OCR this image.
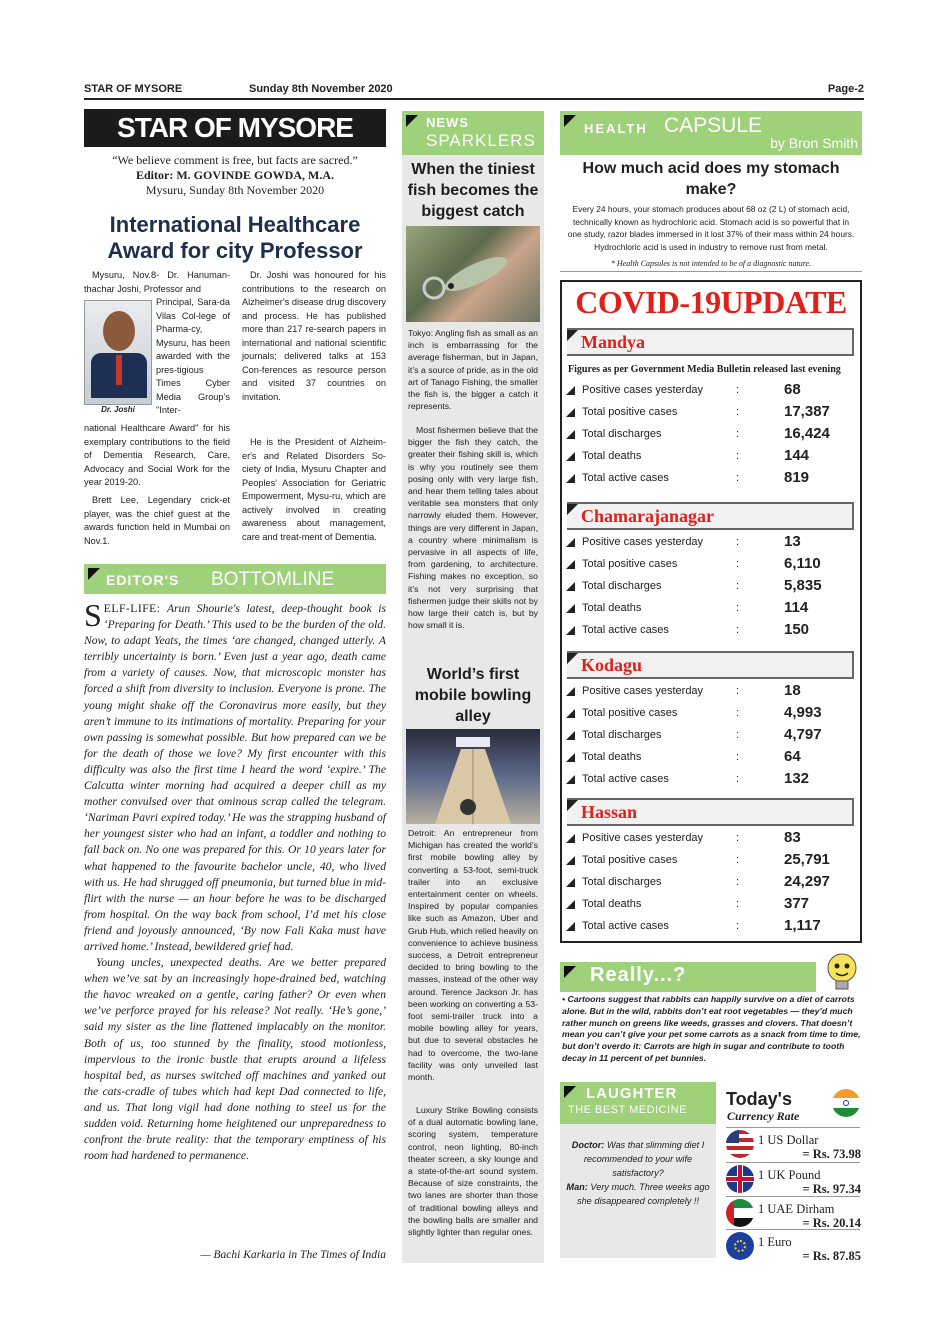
STAR OF MYSORE	Sunday 8th November 2020	Page-2
STAR OF MYSORE
“We believe comment is free, but facts are sacred.”
Editor: M. GOVINDE GOWDA, M.A.
Mysuru, Sunday 8th November 2020
International Healthcare
Award for city Professor
Mysuru, Nov.8- Dr. Hanuman-thachar Joshi, Professor and
Dr. Joshi
Principal, Sara-da Vilas Col-lege of Pharma-cy, Mysuru, has been awarded with the pres-tigious Times Cyber Media Group’s "Inter-
national Healthcare Award" for his exemplary contributions to the field of Dementia Research, Care, Advocacy and Social Work for the year 2019-20.
Brett Lee, Legendary crick-et player, was the chief guest at the awards function held in Mumbai on Nov.1.
Dr. Joshi was honoured for his contributions to the research on Alzheimer's disease drug discovery and process. He has published more than 217 re-search papers in international and national scientific journals; delivered talks at 153 Con-ferences as resource person and visited 37 countries on invitation.
He is the President of Alzheim-er's and Related Disorders So-ciety of India, Mysuru Chapter and Peoples' Association for Geriatric Empowerment, Mysu-ru, which are actively involved in creating awareness about management, care and treat-ment of Dementia.
EDITOR'S BOTTOMLINE

SELF-LIFE: Arun Shourie's latest, deep-thought book is ‘Preparing for Death.’ This used to be the burden of the old. Now, to adapt Yeats, the times ‘are changed, changed utterly. A terribly uncertainty is born.’ Even just a year ago, death came from a variety of causes. Now, that microscopic monster has forced a shift from diversity to inclusion. Everyone is prone. The young might shake off the Coronavirus more easily, but they aren’t immune to its intimations of mortality. Preparing for your own passing is somewhat possible. But how prepared can we be for the death of those we love? My first encounter with this difficulty was also the first time I heard the word ‘expire.’ The Calcutta winter morning had acquired a deeper chill as my mother convulsed over that ominous scrap called the telegram. ‘Nariman Pavri expired today.’ He was the strapping husband of her youngest sister who had an infant, a toddler and nothing to fall back on. No one was prepared for this. Or 10 years later for what happened to the favourite bachelor uncle, 40, who lived with us. He had shrugged off pneumonia, but turned blue in mid-flirt with the nurse — an hour before he was to be discharged from hospital. On the way back from school, I’d met his close friend and joyously announced, ‘By now Fali Kaka must have arrived home.’ Instead, bewildered grief had.

Young uncles, unexpected deaths. Are we better prepared when we’ve sat by an increasingly hope-drained bed, watching the havoc wreaked on a gentle, caring father? Or even when we’ve perforce prayed for his release? Not really. ‘He’s gone,’ said my sister as the line flattened implacably on the monitor. Both of us, too stunned by the finality, stood motionless, impervious to the ironic bustle that erupts around a lifeless hospital bed, as nurses switched off machines and yanked out the cats-cradle of tubes which had kept Dad connected to life, and us. That long vigil had done nothing to steel us for the sudden void. Returning home heightened our unpreparedness to confront the brute reality: that the temporary emptiness of his room had hardened to permanence.

— Bachi Karkaria in The Times of India
NEWS
SPARKLERS
When the tiniest fish becomes the biggest catch
Tokyo: Angling fish as small as an inch is embarrassing for the average fisherman, but in Japan, it’s a source of pride, as in the old art of Tanago Fishing, the smaller the fish is, the bigger a catch it represents.
Most fishermen believe that the bigger the fish they catch, the greater their fishing skill is, which is why you routinely see them posing only with very large fish, and hear them telling tales about veritable sea monsters that only narrowly eluded them. However, things are very different in Japan, a country where minimalism is pervasive in all aspects of life, from gardening, to architecture. Fishing makes no exception, so it’s not very surprising that fishermen judge their skills not by how large their catch is, but by how small it is.
World’s first mobile bowling alley
Detroit: An entrepreneur from Michigan has created the world’s first mobile bowling alley by converting a 53-foot, semi-truck trailer into an exclusive entertainment center on wheels. Inspired by popular companies like such as Amazon, Uber and Grub Hub, which relied heavily on convenience to achieve business success, a Detroit entrepreneur decided to bring bowling to the masses, instead of the other way around. Terence Jackson Jr. has been working on converting a 53-foot semi-trailer truck into a mobile bowling alley for years, but due to several obstacles he had to overcome, the two-lane facility was only unveiled last month.
Luxury Strike Bowling consists of a dual automatic bowling lane, scoring system, temperature control, neon lighting, 80-inch theater screen, a sky lounge and a state-of-the-art sound system. Because of size constraints, the two lanes are shorter than those of traditional bowling alleys and the bowling balls are smaller and slightly lighter than regular ones.
HEALTH CAPSULE
by Bron Smith
How much acid does my stomach make?
Every 24 hours, your stomach produces about 68 oz (2 L) of stomach acid, technically known as hydrochloric acid. Stomach acid is so powerful that in one study, razor blades immersed in it lost 37% of their mass within 24 hours. Hydrochloric acid is used in industry to remove rust from metal.
* Health Capsules is not intended to be of a diagnostic nature.
COVID-19UPDATE
Figures as per Government Media Bulletin released last evening
Mandya
Positive cases yesterday	:	68
Total positive cases	:	17,387
Total discharges	:	16,424
Total deaths	:	144
Total active cases	:	819
Chamarajanagar
Positive cases yesterday	:	13
Total positive cases	:	6,110
Total discharges	:	5,835
Total deaths	:	114
Total active cases	:	150
Kodagu
Positive cases yesterday	:	18
Total positive cases	:	4,993
Total discharges	:	4,797
Total deaths	:	64
Total active cases	:	132
Hassan
Positive cases yesterday	:	83
Total positive cases	:	25,791
Total discharges	:	24,297
Total deaths	:	377
Total active cases	:	1,117
Really...?
• Cartoons suggest that rabbits can happily survive on a diet of carrots alone. But in the wild, rabbits don’t eat root vegetables — they’d much rather munch on greens like weeds, grasses and clovers. That doesn’t mean you can’t give your pet some carrots as a snack from time to time, but don’t overdo it: Carrots are high in sugar and contribute to tooth decay in 11 percent of pet bunnies.
LAUGHTER
THE BEST MEDICINE
Doctor: Was that slimming diet I recommended to your wife satisfactory?
Man: Very much. Three weeks ago she disappeared completely !!
Today's
Currency Rate
1 US Dollar
= Rs. 73.98
1 UK Pound
= Rs. 97.34
1 UAE Dirham
= Rs. 20.14
1 Euro
= Rs. 87.85
